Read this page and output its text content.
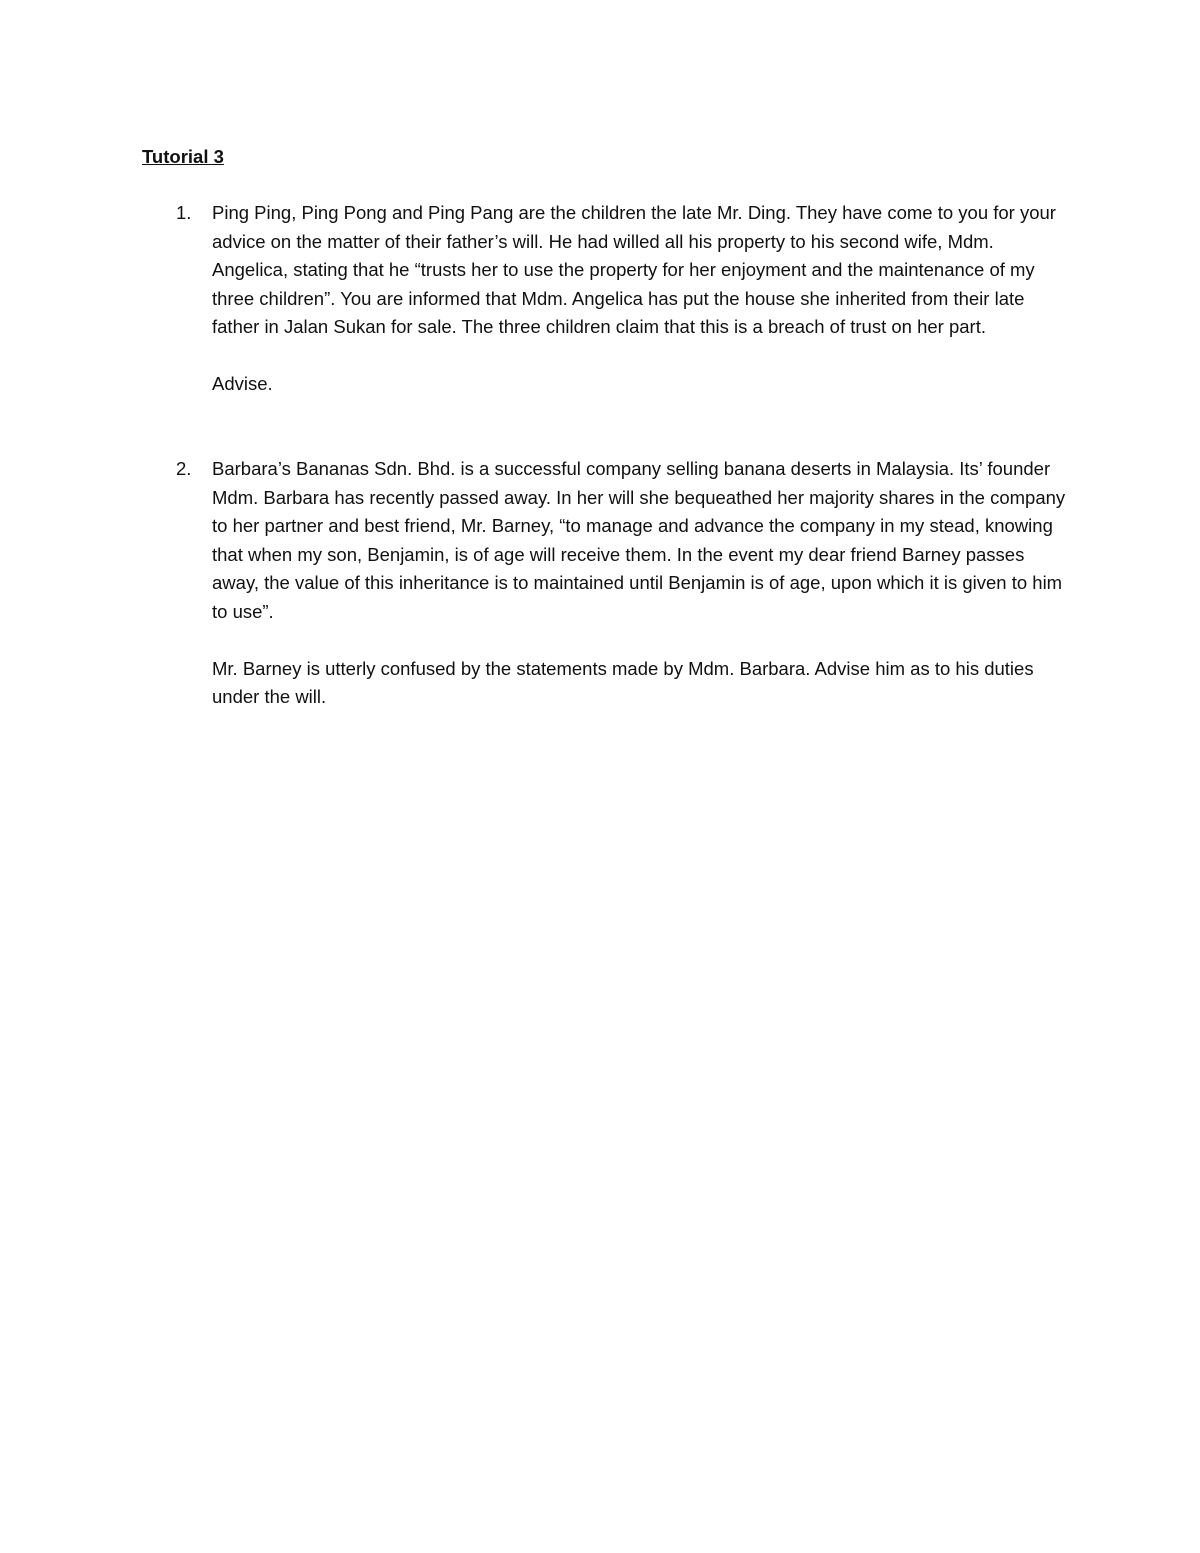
Tutorial 3
1. Ping Ping, Ping Pong and Ping Pang are the children the late Mr. Ding. They have come to you for your advice on the matter of their father’s will. He had willed all his property to his second wife, Mdm. Angelica, stating that he “trusts her to use the property for her enjoyment and the maintenance of my three children”. You are informed that Mdm. Angelica has put the house she inherited from their late father in Jalan Sukan for sale. The three children claim that this is a breach of trust on her part.

Advise.

2. Barbara’s Bananas Sdn. Bhd. is a successful company selling banana deserts in Malaysia. Its’ founder Mdm. Barbara has recently passed away. In her will she bequeathed her majority shares in the company to her partner and best friend, Mr. Barney, “to manage and advance the company in my stead, knowing that when my son, Benjamin, is of age will receive them. In the event my dear friend Barney passes away, the value of this inheritance is to maintained until Benjamin is of age, upon which it is given to him to use”.

Mr. Barney is utterly confused by the statements made by Mdm. Barbara. Advise him as to his duties under the will.
